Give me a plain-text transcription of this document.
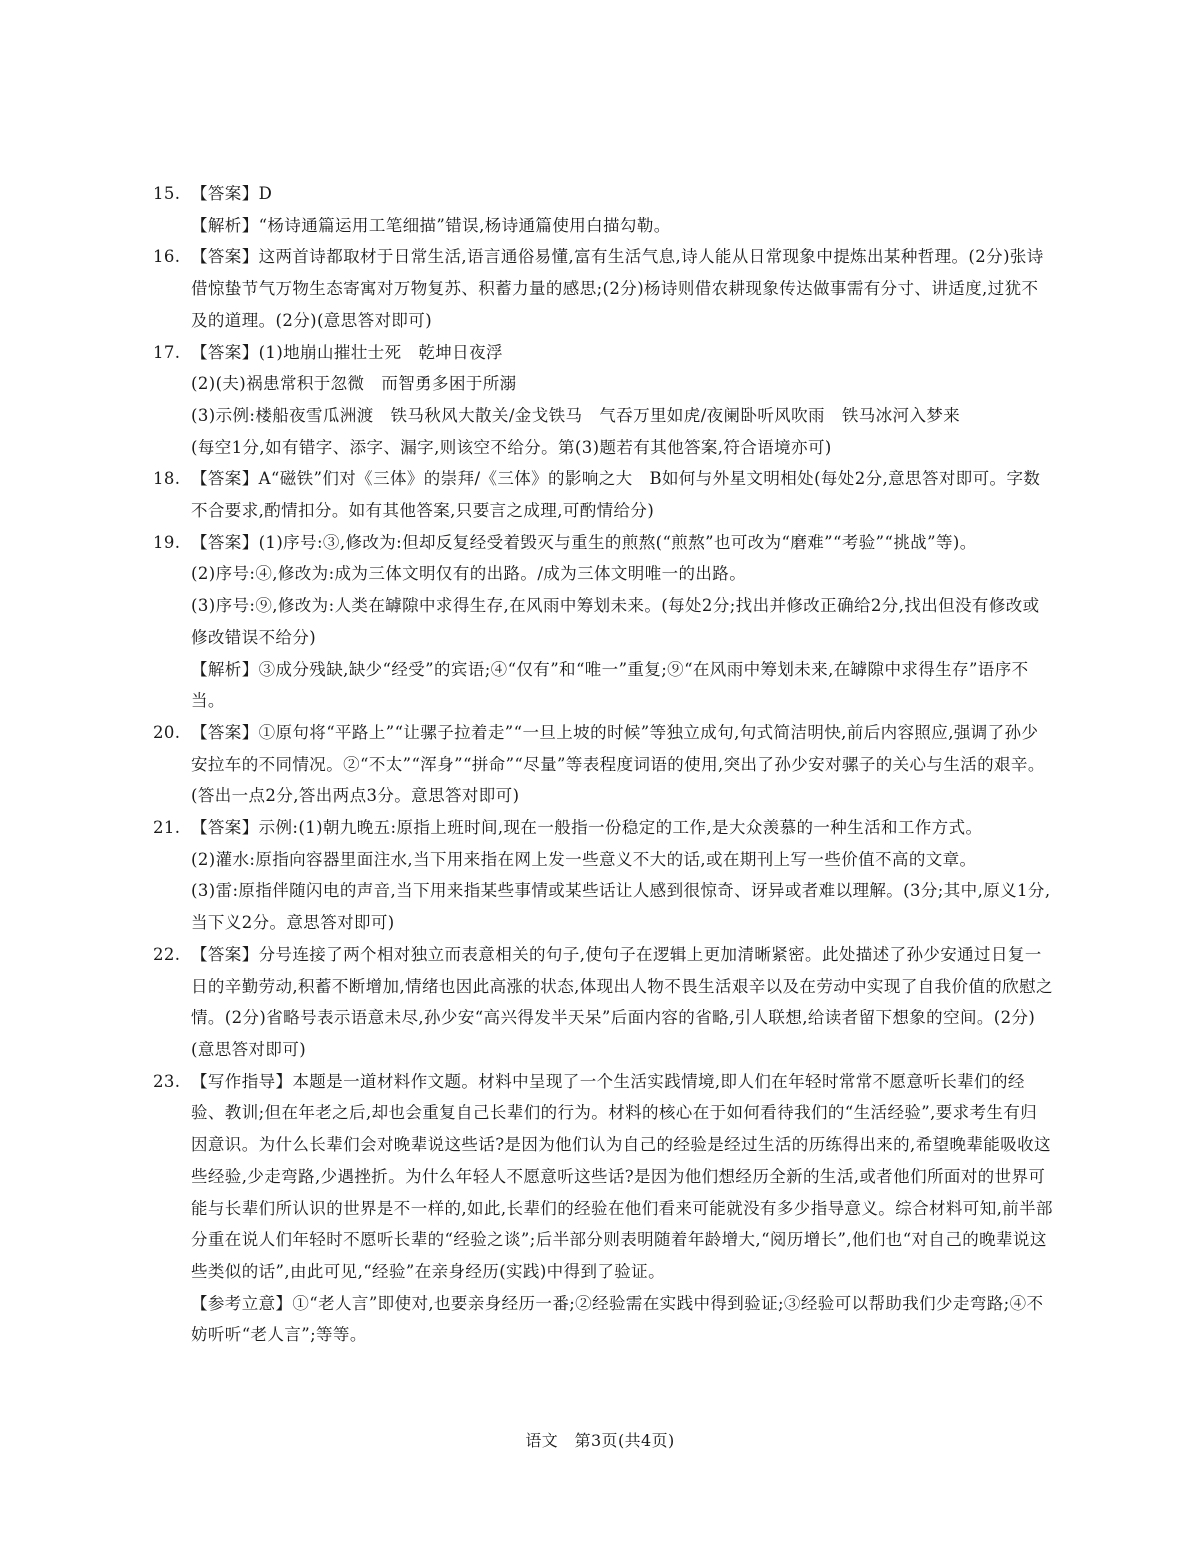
15. 【答案】D

【解析】“杨诗通篇运用工笔细描”错误,杨诗通篇使用白描勾勒。

16. 【答案】这两首诗都取材于日常生活,语言通俗易懂,富有生活气息,诗人能从日常现象中提炼出某种哲理。(2分)张诗借惊蛰节气万物生态寄寓对万物复苏、积蓄力量的感思;(2分)杨诗则借农耕现象传达做事需有分寸、讲适度,过犹不及的道理。(2分)(意思答对即可)

17. 【答案】(1)地崩山摧壮士死　乾坤日夜浮

(2)(夫)祸患常积于忽微　而智勇多困于所溺

(3)示例:楼船夜雪瓜洲渡　铁马秋风大散关/金戈铁马　气吞万里如虎/夜阑卧听风吹雨　铁马冰河入梦来

(每空1分,如有错字、添字、漏字,则该空不给分。第(3)题若有其他答案,符合语境亦可)

18. 【答案】A“磁铁”们对《三体》的崇拜/《三体》的影响之大　B如何与外星文明相处(每处2分,意思答对即可。字数不合要求,酌情扣分。如有其他答案,只要言之成理,可酌情给分)

19. 【答案】(1)序号:③,修改为:但却反复经受着毁灭与重生的煎熬(“煎熬”也可改为“磨难”“考验”“挑战”等)。

(2)序号:④,修改为:成为三体文明仅有的出路。/成为三体文明唯一的出路。

(3)序号:⑨,修改为:人类在罅隙中求得生存,在风雨中筹划未来。(每处2分;找出并修改正确给2分,找出但没有修改或修改错误不给分)

【解析】③成分残缺,缺少“经受”的宾语;④“仅有”和“唯一”重复;⑨“在风雨中筹划未来,在罅隙中求得生存”语序不当。

20. 【答案】①原句将“平路上”“让骡子拉着走”“一旦上坡的时候”等独立成句,句式简洁明快,前后内容照应,强调了孙少安拉车的不同情况。②“不太”“浑身”“拼命”“尽量”等表程度词语的使用,突出了孙少安对骡子的关心与生活的艰辛。(答出一点2分,答出两点3分。意思答对即可)

21. 【答案】示例:(1)朝九晚五:原指上班时间,现在一般指一份稳定的工作,是大众羡慕的一种生活和工作方式。

(2)灌水:原指向容器里面注水,当下用来指在网上发一些意义不大的话,或在期刊上写一些价值不高的文章。

(3)雷:原指伴随闪电的声音,当下用来指某些事情或某些话让人感到很惊奇、讶异或者难以理解。(3分;其中,原义1分,当下义2分。意思答对即可)

22. 【答案】分号连接了两个相对独立而表意相关的句子,使句子在逻辑上更加清晰紧密。此处描述了孙少安通过日复一日的辛勤劳动,积蓄不断增加,情绪也因此高涨的状态,体现出人物不畏生活艰辛以及在劳动中实现了自我价值的欣慰之情。(2分)省略号表示语意未尽,孙少安“高兴得发半天呆”后面内容的省略,引人联想,给读者留下想象的空间。(2分)(意思答对即可)

23. 【写作指导】本题是一道材料作文题。材料中呈现了一个生活实践情境,即人们在年轻时常常不愿意听长辈们的经验、教训;但在年老之后,却也会重复自己长辈们的行为。材料的核心在于如何看待我们的“生活经验”,要求考生有归因意识。为什么长辈们会对晚辈说这些话?是因为他们认为自己的经验是经过生活的历练得出来的,希望晚辈能吸收这些经验,少走弯路,少遇挫折。为什么年轻人不愿意听这些话?是因为他们想经历全新的生活,或者他们所面对的世界可能与长辈们所认识的世界是不一样的,如此,长辈们的经验在他们看来可能就没有多少指导意义。综合材料可知,前半部分重在说人们年轻时不愿听长辈的“经验之谈”;后半部分则表明随着年龄增大,“阅历增长”,他们也“对自己的晚辈说这些类似的话”,由此可见,“经验”在亲身经历(实践)中得到了验证。

【参考立意】①“老人言”即使对,也要亲身经历一番;②经验需在实践中得到验证;③经验可以帮助我们少走弯路;④不妨听听“老人言”;等等。

语文　第3页(共4页)
